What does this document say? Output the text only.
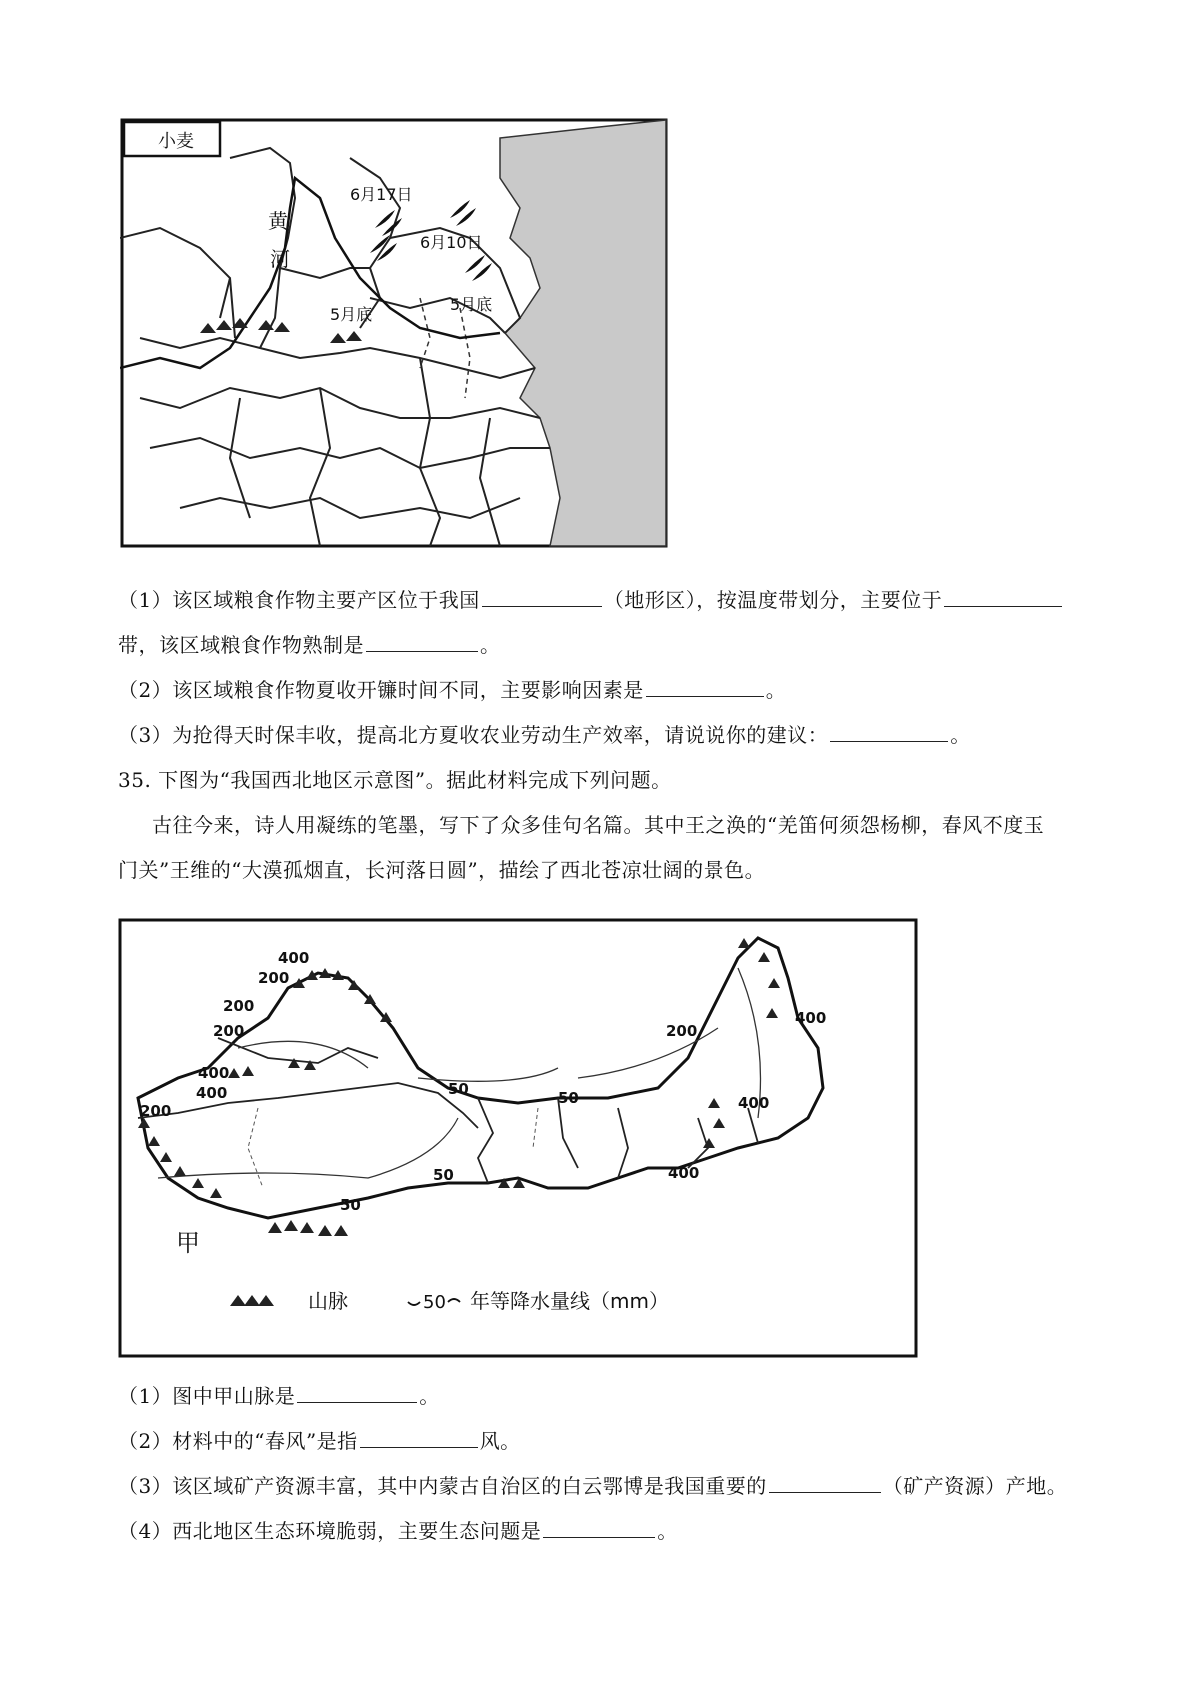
小麦
黄
河
6月17日
6月10日
5月底
5月底
（1）该区域粮食作物主要产区位于我国	（地形区），按温度带划分，主要位于
带，该区域粮食作物熟制是	。
（2）该区域粮食作物夏收开镰时间不同，主要影响因素是	。
（3）为抢得天时保丰收，提高北方夏收农业劳动生产效率，请说说你的建议：	。
35. 下图为“我国西北地区示意图”。据此材料完成下列问题。
古往今来，诗人用凝练的笔墨，写下了众多佳句名篇。其中王之涣的“羌笛何须怨杨柳，春风不度玉
门关”王维的“大漠孤烟直，长河落日圆”，描绘了西北苍凉壮阔的景色。
400
200
200
200
400
400
200
50	50
50
50
200
400
400
400
甲
山脉	50 年等降水量线（mm）
（1）图中甲山脉是	。
（2）材料中的“春风”是指	风。
（3）该区域矿产资源丰富，其中内蒙古自治区的白云鄂博是我国重要的	（矿产资源）产地。
（4）西北地区生态环境脆弱，主要生态问题是	。
